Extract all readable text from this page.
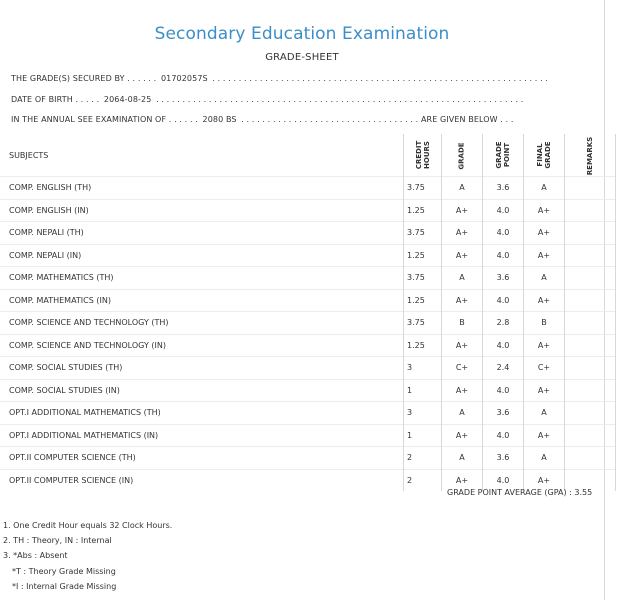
Secondary Education Examination
GRADE-SHEET
THE GRADE(S) SECURED BY . . . . . . 01702057S . . . . . . . . . . . . . . . . . . . . . . . . . . . . . . . . . . . . . . . . . . . . . . . . . . . . . . . . . . . . . . . .
DATE OF BIRTH . . . . . 2064-08-25 . . . . . . . . . . . . . . . . . . . . . . . . . . . . . . . . . . . . . . . . . . . . . . . . . . . . . . . . . . . . . . . . . . . . . .
IN THE ANNUAL SEE EXAMINATION OF . . . . . . 2080 BS . . . . . . . . . . . . . . . . . . . . . . . . . . . . . . . . . . ARE GIVEN BELOW . . .
SUBJECTS	CREDIT HOURS	GRADE	GRADE POINT	FINAL GRADE	REMARKS
COMP. ENGLISH (TH)	3.75	A	3.6	A	
COMP. ENGLISH (IN)	1.25	A+	4.0	A+	
COMP. NEPALI (TH)	3.75	A+	4.0	A+	
COMP. NEPALI (IN)	1.25	A+	4.0	A+	
COMP. MATHEMATICS (TH)	3.75	A	3.6	A	
COMP. MATHEMATICS (IN)	1.25	A+	4.0	A+	
COMP. SCIENCE AND TECHNOLOGY (TH)	3.75	B	2.8	B	
COMP. SCIENCE AND TECHNOLOGY (IN)	1.25	A+	4.0	A+	
COMP. SOCIAL STUDIES (TH)	3	C+	2.4	C+	
COMP. SOCIAL STUDIES (IN)	1	A+	4.0	A+	
OPT.I ADDITIONAL MATHEMATICS (TH)	3	A	3.6	A	
OPT.I ADDITIONAL MATHEMATICS (IN)	1	A+	4.0	A+	
OPT.II COMPUTER SCIENCE (TH)	2	A	3.6	A	
OPT.II COMPUTER SCIENCE (IN)	2	A+	4.0	A+	
GRADE POINT AVERAGE (GPA) : 3.55
1. One Credit Hour equals 32 Clock Hours.
2. TH : Theory, IN : Internal
3. *Abs : Absent
*T : Theory Grade Missing
*I : Internal Grade Missing
